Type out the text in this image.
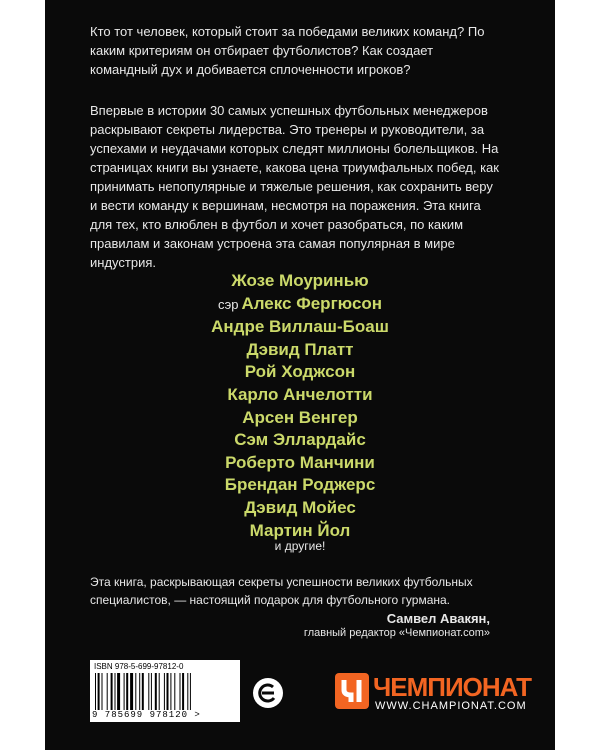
Кто тот человек, который стоит за победами великих команд? По каким критериям он отбирает футболистов? Как создает командный дух и добивается сплоченности игроков?

Впервые в истории 30 самых успешных футбольных менеджеров раскрывают секреты лидерства. Это тренеры и руководители, за успехами и неудачами которых следят миллионы болельщиков. На страницах книги вы узнаете, какова цена триумфальных побед, как принимать непопулярные и тяжелые решения, как сохранить веру и вести команду к вершинам, несмотря на поражения. Эта книга для тех, кто влюблен в футбол и хочет разобраться, по каким правилам и законам устроена эта самая популярная в мире индустрия.

Жозе Моуринью
сэр Алекс Фергюсон
Андре Виллаш-Боаш
Дэвид Платт
Рой Ходжсон
Карло Анчелотти
Арсен Венгер
Сэм Эллардайс
Роберто Манчини
Брендан Роджерс
Дэвид Мойес
Мартин Йол
и другие!

Эта книга, раскрывающая секреты успешности великих футбольных специалистов, — настоящий подарок для футбольного гурмана.

Самвел Авакян,
главный редактор «Чемпионат.com»
ISBN 978-5-699-97812-0
9 785699 978120 >
ЧЕМПИОНАТ
WWW.CHAMPIONAT.COM
